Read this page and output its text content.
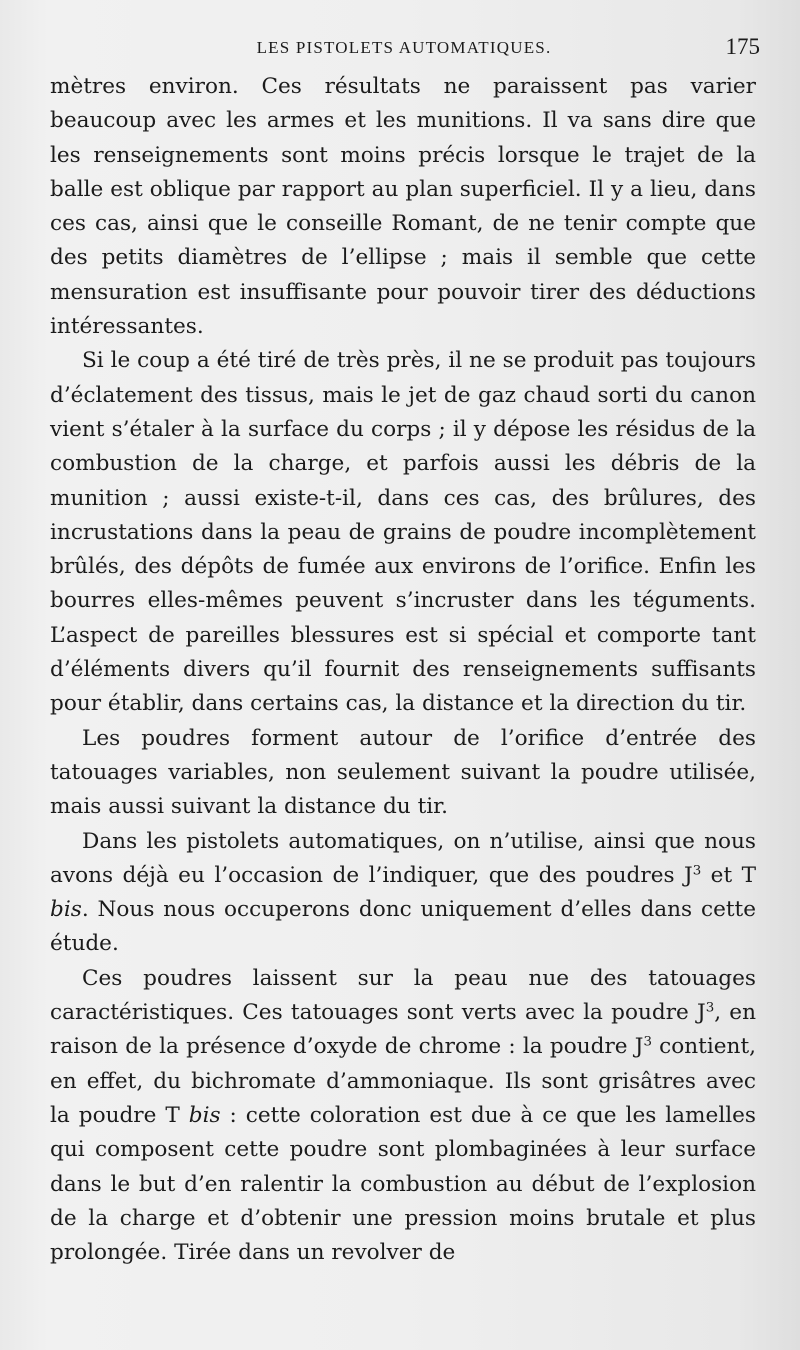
LES PISTOLETS AUTOMATIQUES.	175

mètres environ. Ces résultats ne paraissent pas varier beaucoup avec les armes et les munitions. Il va sans dire que les renseignements sont moins précis lorsque le trajet de la balle est oblique par rapport au plan superficiel. Il y a lieu, dans ces cas, ainsi que le conseille Romant, de ne tenir compte que des petits diamètres de l’ellipse ; mais il semble que cette mensuration est insuffisante pour pouvoir tirer des déductions intéressantes.

Si le coup a été tiré de très près, il ne se produit pas toujours d’éclatement des tissus, mais le jet de gaz chaud sorti du canon vient s’étaler à la surface du corps ; il y dépose les résidus de la combustion de la charge, et parfois aussi les débris de la munition ; aussi existe-t-il, dans ces cas, des brûlures, des incrustations dans la peau de grains de poudre incomplètement brûlés, des dépôts de fumée aux environs de l’orifice. Enfin les bourres elles-mêmes peuvent s’incruster dans les téguments. L’aspect de pareilles blessures est si spécial et comporte tant d’éléments divers qu’il fournit des renseignements suffisants pour établir, dans certains cas, la distance et la direction du tir.

Les poudres forment autour de l’orifice d’entrée des tatouages variables, non seulement suivant la poudre utilisée, mais aussi suivant la distance du tir.

Dans les pistolets automatiques, on n’utilise, ainsi que nous avons déjà eu l’occasion de l’indiquer, que des poudres $J^3$ et T bis. Nous nous occuperons donc uniquement d’elles dans cette étude.

Ces poudres laissent sur la peau nue des tatouages caractéristiques. Ces tatouages sont verts avec la poudre $J^3$, en raison de la présence d’oxyde de chrome : la poudre $J^3$ contient, en effet, du bichromate d’ammoniaque. Ils sont grisâtres avec la poudre T bis : cette coloration est due à ce que les lamelles qui composent cette poudre sont plombaginées à leur surface dans le but d’en ralentir la combustion au début de l’explosion de la charge et d’obtenir une pression moins brutale et plus prolongée. Tirée dans un revolver de
